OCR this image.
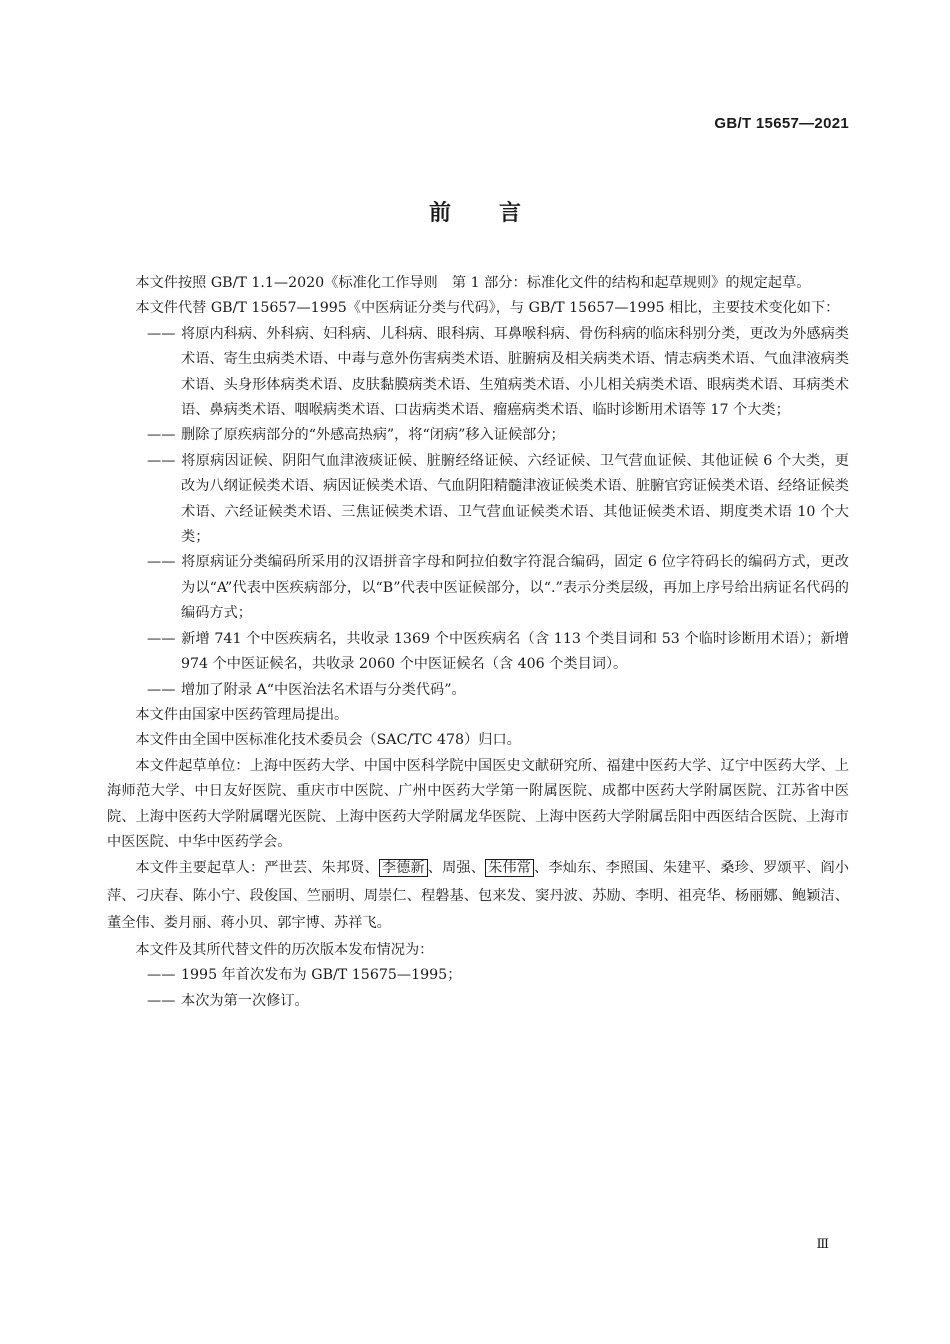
GB/T 15657—2021
前言

本文件按照 GB/T 1.1—2020《标准化工作导则　第 1 部分：标准化文件的结构和起草规则》的规定起草。

本文件代替 GB/T 15657—1995《中医病证分类与代码》，与 GB/T 15657—1995 相比，主要技术变化如下：

—— 将原内科病、外科病、妇科病、儿科病、眼科病、耳鼻喉科病、骨伤科病的临床科别分类，更改为外感病类术语、寄生虫病类术语、中毒与意外伤害病类术语、脏腑病及相关病类术语、情志病类术语、气血津液病类术语、头身形体病类术语、皮肤黏膜病类术语、生殖病类术语、小儿相关病类术语、眼病类术语、耳病类术语、鼻病类术语、咽喉病类术语、口齿病类术语、瘤癌病类术语、临时诊断用术语等 17 个大类；

—— 删除了原疾病部分的“外感高热病”，将“闭病”移入证候部分；

—— 将原病因证候、阴阳气血津液痰证候、脏腑经络证候、六经证候、卫气营血证候、其他证候 6 个大类，更改为八纲证候类术语、病因证候类术语、气血阴阳精髓津液证候类术语、脏腑官窍证候类术语、经络证候类术语、六经证候类术语、三焦证候类术语、卫气营血证候类术语、其他证候类术语、期度类术语 10 个大类；

—— 将原病证分类编码所采用的汉语拼音字母和阿拉伯数字符混合编码，固定 6 位字符码长的编码方式，更改为以“A”代表中医疾病部分，以“B”代表中医证候部分，以“.”表示分类层级，再加上序号给出病证名代码的编码方式；

—— 新增 741 个中医疾病名，共收录 1369 个中医疾病名（含 113 个类目词和 53 个临时诊断用术语）；新增 974 个中医证候名，共收录 2060 个中医证候名（含 406 个类目词）。

—— 增加了附录 A“中医治法名术语与分类代码”。

本文件由国家中医药管理局提出。

本文件由全国中医标准化技术委员会（SAC/TC 478）归口。

本文件起草单位：上海中医药大学、中国中医科学院中国医史文献研究所、福建中医药大学、辽宁中医药大学、上海师范大学、中日友好医院、重庆市中医院、广州中医药大学第一附属医院、成都中医药大学附属医院、江苏省中医院、上海中医药大学附属曙光医院、上海中医药大学附属龙华医院、上海中医药大学附属岳阳中西医结合医院、上海市中医医院、中华中医药学会。

本文件主要起草人：严世芸、朱邦贤、 李德新 、周强、 朱伟常 、李灿东、李照国、朱建平、桑珍、罗颂平、阎小萍、刁庆春、陈小宁、段俊国、竺丽明、周崇仁、程磐基、包来发、窦丹波、苏励、李明、祖亮华、杨丽娜、鲍颖洁、董全伟、娄月丽、蒋小贝、郭宇博、苏祥飞。

本文件及其所代替文件的历次版本发布情况为：

—— 1995 年首次发布为 GB/T 15675—1995；

—— 本次为第一次修订。

Ⅲ
